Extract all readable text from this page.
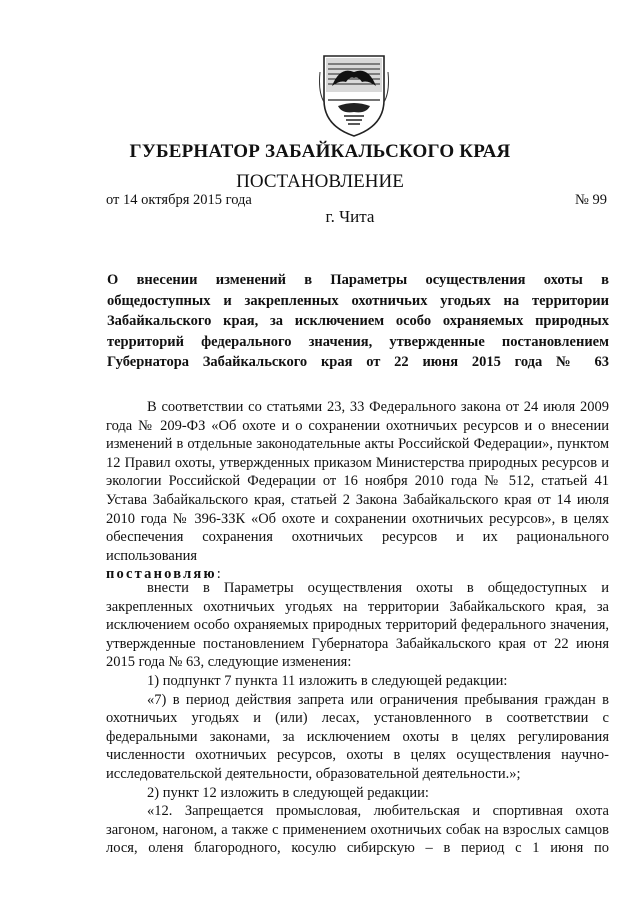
ГУБЕРНАТОР ЗАБАЙКАЛЬСКОГО КРАЯ
ПОСТАНОВЛЕНИЕ
от 14 октября 2015 года	№ 99
г. Чита
О внесении изменений в Параметры осуществления охоты в общедоступных и закрепленных охотничьих угодьях на территории Забайкальского края, за исключением особо охраняемых природных территорий федерального значения, утвержденные постановлением Губернатора Забайкальского края от 22 июня 2015 года № 63
В соответствии со статьями 23, 33 Федерального закона от 24 июля 2009 года № 209-ФЗ «Об охоте и о сохранении охотничьих ресурсов и о внесении изменений в отдельные законодательные акты Российской Федерации», пунктом 12 Правил охоты, утвержденных приказом Министерства природных ресурсов и экологии Российской Федерации от 16 ноября 2010 года № 512, статьей 41 Устава Забайкальского края, статьей 2 Закона Забайкальского края от 14 июля 2010 года № 396-ЗЗК «Об охоте и сохранении охотничьих ресурсов», в целях обеспечения сохранения охотничьих ресурсов и их рационального использования
постановляю:
внести в Параметры осуществления охоты в общедоступных и закрепленных охотничьих угодьях на территории Забайкальского края, за исключением особо охраняемых природных территорий федерального значения, утвержденные постановлением Губернатора Забайкальского края от 22 июня 2015 года № 63, следующие изменения:
1) подпункт 7 пункта 11 изложить в следующей редакции:
«7) в период действия запрета или ограничения пребывания граждан в охотничьих угодьях и (или) лесах, установленного в соответствии с федеральными законами, за исключением охоты в целях регулирования численности охотничьих ресурсов, охоты в целях осуществления научно-исследовательской деятельности, образовательной деятельности.»;
2) пункт 12 изложить в следующей редакции:
«12. Запрещается промысловая, любительская и спортивная охота загоном, нагоном, а также с применением охотничьих собак на взрослых самцов лося, оленя благородного, косулю сибирскую – в период с 1 июня по
